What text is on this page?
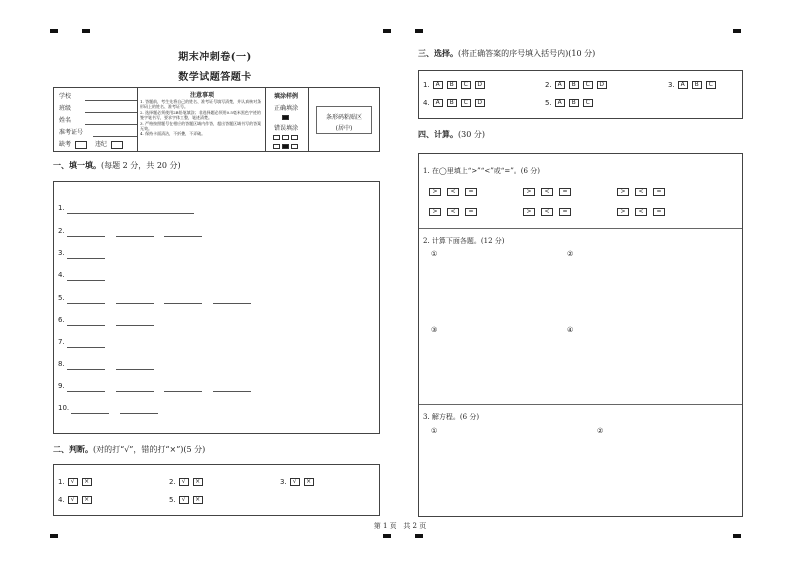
期末冲刺卷(一)
数学试题答题卡
学校
班级
姓名
准考证号
缺考	违纪
注意事项
1. 答题前，考生先将自己的姓名、准考证号填写清楚，并认真核对条形码上的姓名、准考证号。
2. 选择题必须使用2B铅笔填涂；非选择题必须用0.5毫米黑色字迹的签字笔书写，要求字体工整，笔迹清楚。
3. 严格按照题号在相应的答题区域内作答，超出答题区域书写的答案无效。
4. 保持卡面清洁，不折叠，不弄破。
填涂样例
正确填涂
错误填涂
条形码粘贴区
(居中)
一、填一填。(每题 2 分，共 20 分)
1.
2.
3.
4.
5.
6.
7.
8.
9.
10.
二、判断。(对的打“√”，错的打“×”)(5 分)
1. √ ×	2. √ ×	3. √ ×
4. √ ×	5. √ ×
三、选择。(将正确答案的序号填入括号内)(10 分)
1. A B C D	2. A B C D	3. A B C
4. A B C D	5. A B C
四、计算。(30 分)
1. 在◯里填上“>”“<”或“=”。(6 分)
2. 计算下面各题。(12 分)
①	②
③	④
3. 解方程。(6 分)
①	②
> < =	> < =	> < =
> < =	> < =	> < =
第 1 页   共 2 页
